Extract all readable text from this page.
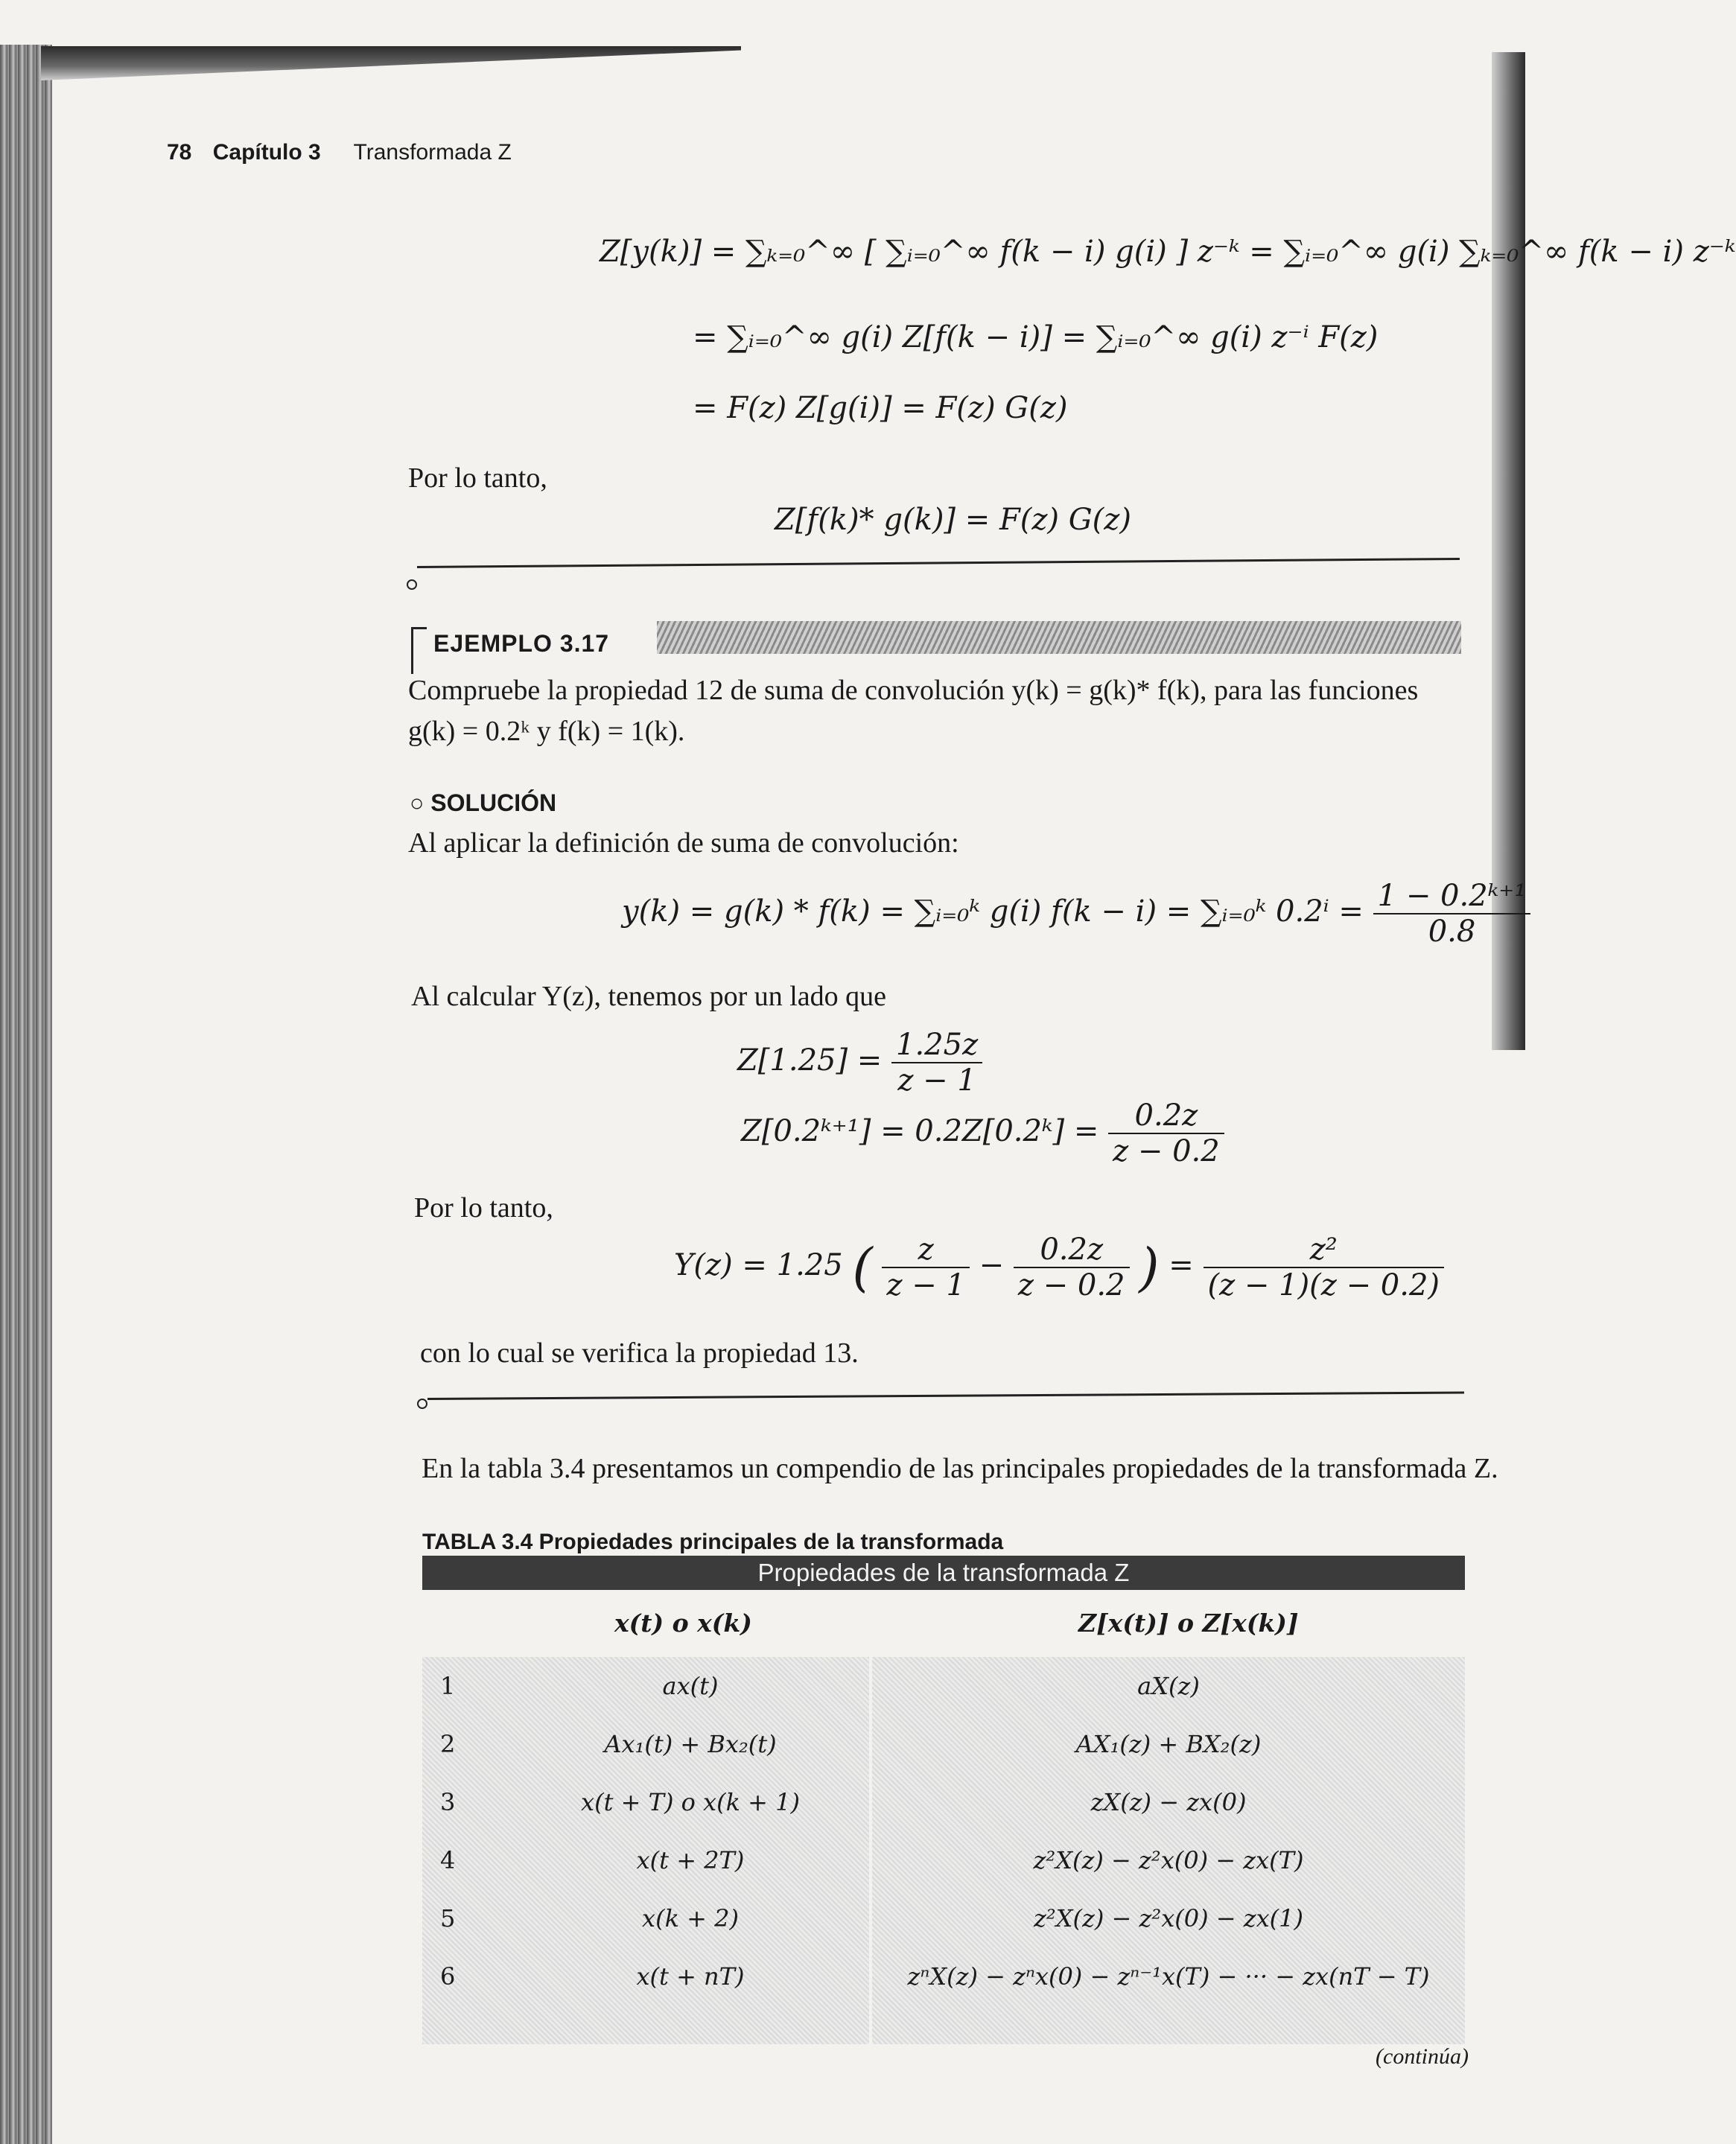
78 Capítulo 3 Transformada Z
Z[y(k)] = ∑ₖ₌₀^∞ [ ∑ᵢ₌₀^∞ f(k − i) g(i) ] z⁻ᵏ = ∑ᵢ₌₀^∞ g(i) ∑ₖ₌₀^∞ f(k − i) z⁻ᵏ
= ∑ᵢ₌₀^∞ g(i) Z[f(k − i)] = ∑ᵢ₌₀^∞ g(i) z⁻ⁱ F(z)
= F(z) Z[g(i)] = F(z) G(z)
Por lo tanto,
Z[f(k)* g(k)] = F(z) G(z)
EJEMPLO 3.17
Compruebe la propiedad 12 de suma de convolución y(k) = g(k)* f(k), para las funciones
g(k) = 0.2ᵏ y f(k) = 1(k).
○ SOLUCIÓN
Al aplicar la definición de suma de convolución:
y(k) = g(k) * f(k) = ∑ᵢ₌₀ᵏ g(i) f(k − i) = ∑ᵢ₌₀ᵏ $0.2^i = \frac{\text{1 − 0.2ᵏ⁺¹}}{0.8}$
Al calcular Y(z), tenemos por un lado que
$Z[1.25] = \frac{1.25z}{z - 1}$
Z[0.2ᵏ⁺¹] = 0.2Z[0.2ᵏ] = $\frac{0.2z}{z - 0.2}$
Por lo tanto,
Y(z) = 1.25 ( $\frac{z}{z - 1} - \frac{0.2z}{z - 0.2}$ ) = $\frac{\text{z²}}{(z - 1)(z - 0.2)}$
con lo cual se verifica la propiedad 13.
En la tabla 3.4 presentamos un compendio de las principales propiedades de la transformada Z.
TABLA 3.4 Propiedades principales de la transformada
Propiedades de la transformada Z
x(t) o x(k)	Z[x(t)] o Z[x(k)]
1	ax(t)	aX(z)
2	Ax₁(t) + Bx₂(t)	AX₁(z) + BX₂(z)
3	x(t + T) o x(k + 1)	zX(z) − zx(0)
4	x(t + 2T)	z²X(z) − z²x(0) − zx(T)
5	x(k + 2)	z²X(z) − z²x(0) − zx(1)
6	x(t + nT)	zⁿX(z) − zⁿx(0) − zⁿ⁻¹x(T) − ··· − zx(nT − T)
(continúa)
